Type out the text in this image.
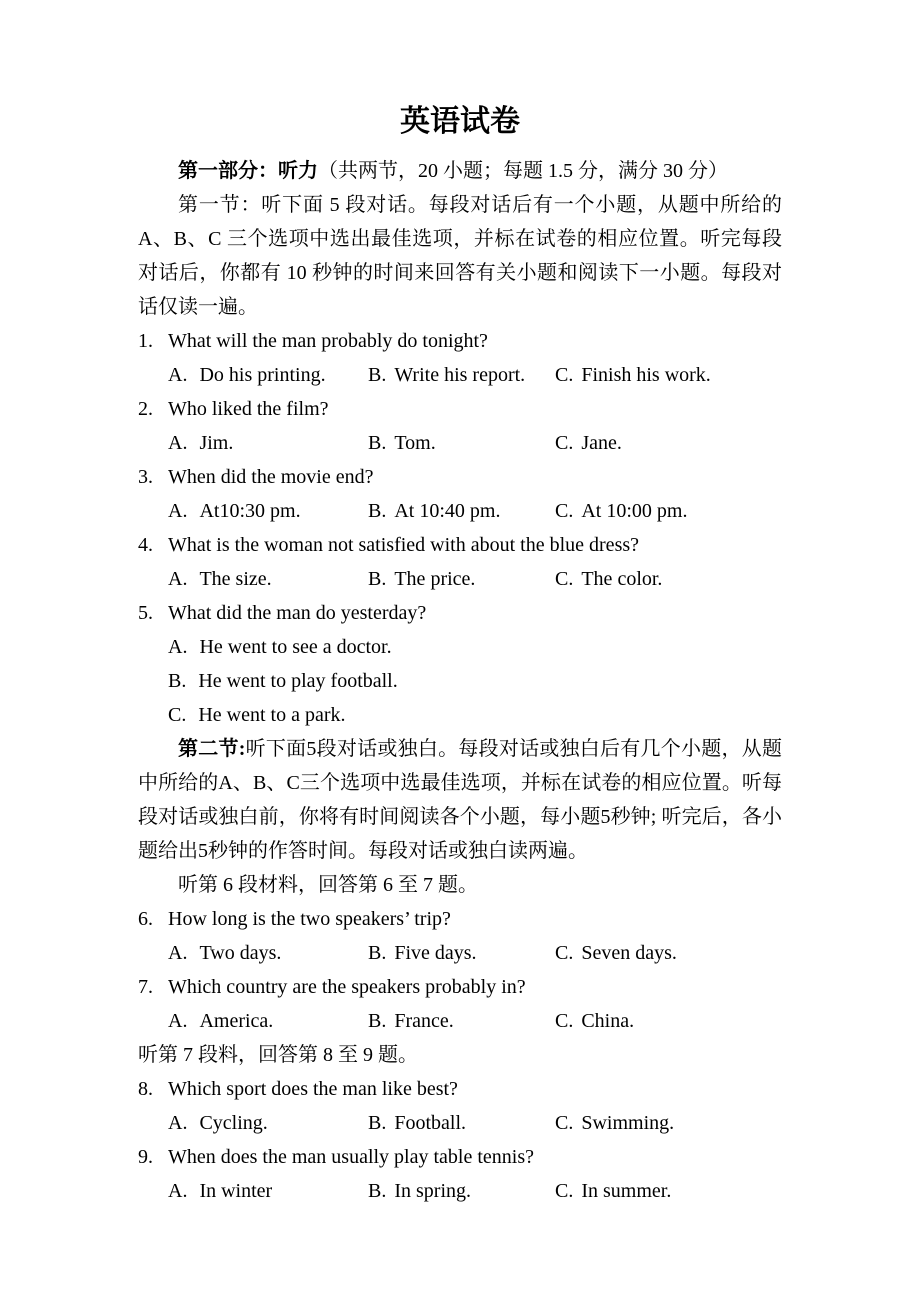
英语试卷

第一部分：听力（共两节，20 小题；每题 1.5 分，满分 30 分）

第一节：听下面 5 段对话。每段对话后有一个小题，从题中所给的 A、B、C 三个选项中选出最佳选项，并标在试卷的相应位置。听完每段对话后，你都有 10 秒钟的时间来回答有关小题和阅读下一小题。每段对话仅读一遍。

1. What will the man probably do tonight?
A. Do his printing.	B. Write his report.	C. Finish his work.
2. Who liked the film?
A. Jim.	B. Tom.	C. Jane.
3. When did the movie end?
A. At10:30 pm.	B. At 10:40 pm.	C. At 10:00 pm.
4. What is the woman not satisfied with about the blue dress?
A. The size.	B. The price.	C. The color.
5. What did the man do yesterday?
A. He went to see a doctor.
B. He went to play football.
C. He went to a park.

第二节:听下面5段对话或独白。每段对话或独白后有几个小题，从题中所给的A、B、C三个选项中选最佳选项，并标在试卷的相应位置。听每段对话或独白前，你将有时间阅读各个小题，每小题5秒钟; 听完后，各小题给出5秒钟的作答时间。每段对话或独白读两遍。

听第 6 段材料，回答第 6 至 7 题。

6. How long is the two speakers’ trip?
A. Two days.	B. Five days.	C. Seven days.
7. Which country are the speakers probably in?
A. America.	B. France.	C. China.

听第 7 段料，回答第 8 至 9 题。

8. Which sport does the man like best?
A. Cycling.	B. Football.	C. Swimming.
9. When does the man usually play table tennis?
A. In winter	B. In spring.	C. In summer.
